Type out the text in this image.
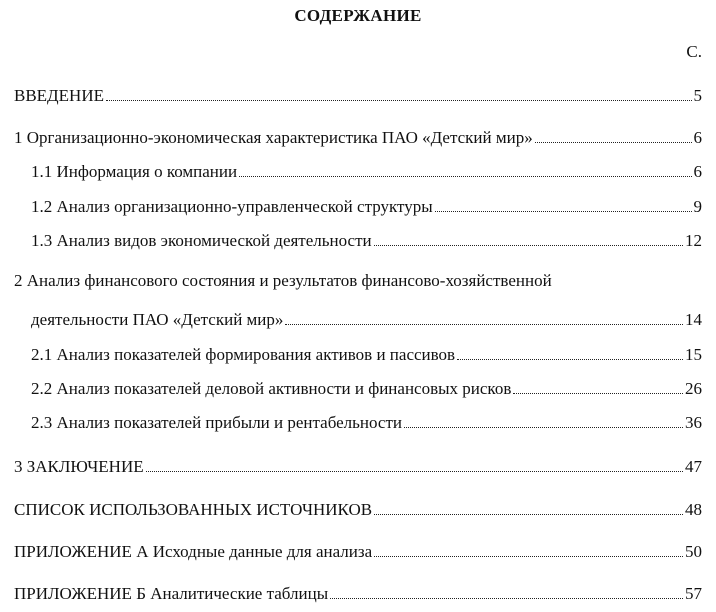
СОДЕРЖАНИЕ
С.
ВВЕДЕНИЕ	5
1 Организационно-экономическая характеристика ПАО «Детский мир»	6
1.1 Информация о компании	6
1.2 Анализ организационно-управленческой структуры	9
1.3 Анализ видов экономической деятельности	12
2 Анализ финансового состояния и результатов финансово-хозяйственной
деятельности ПАО «Детский мир»	14
2.1 Анализ показателей формирования активов и пассивов	15
2.2 Анализ показателей деловой активности и финансовых рисков	26
2.3 Анализ показателей прибыли и рентабельности	36
3 ЗАКЛЮЧЕНИЕ	47
СПИСОК ИСПОЛЬЗОВАННЫХ ИСТОЧНИКОВ	48
ПРИЛОЖЕНИЕ А Исходные данные для анализа	50
ПРИЛОЖЕНИЕ Б Аналитические таблицы	57
